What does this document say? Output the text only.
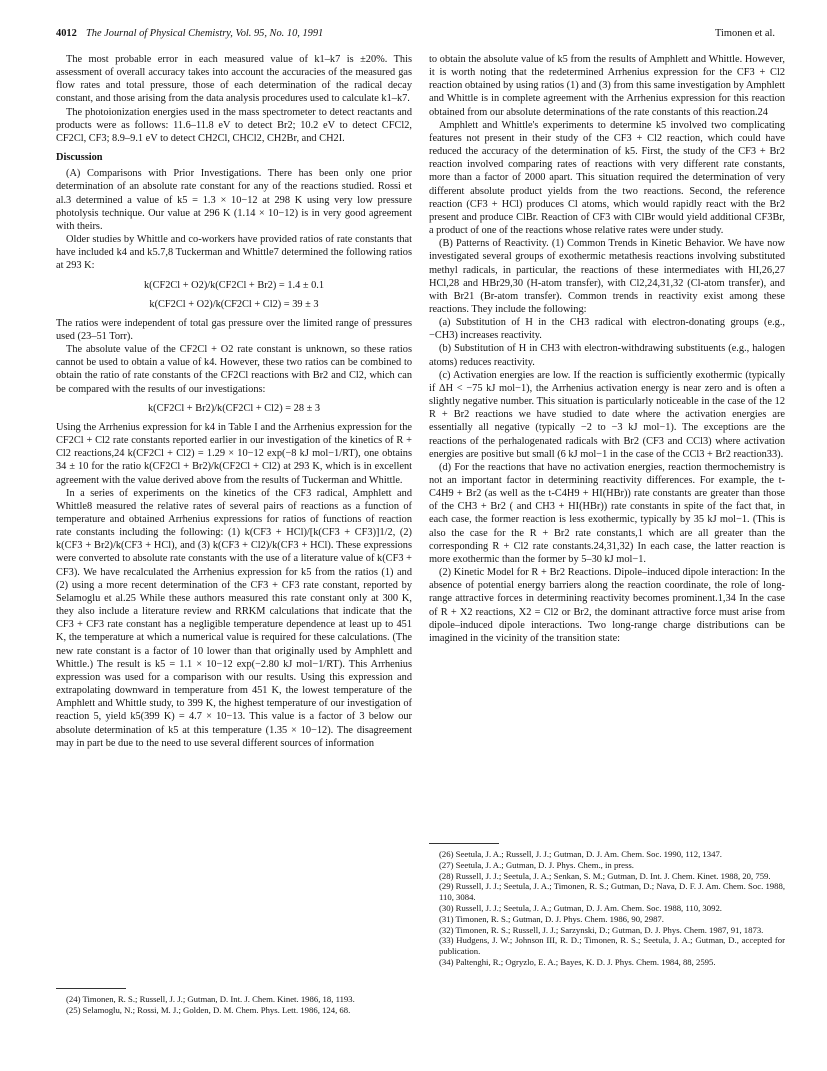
4012 The Journal of Physical Chemistry, Vol. 95, No. 10, 1991	Timonen et al.

The most probable error in each measured value of k1–k7 is ±20%. This assessment of overall accuracy takes into account the accuracies of the measured gas flow rates and total pressure, those of each determination of the radical decay constant, and those arising from the data analysis procedures used to calculate k1–k7.

The photoionization energies used in the mass spectrometer to detect reactants and products were as follows: 11.6–11.8 eV to detect Br2; 10.2 eV to detect CFCl2, CF2Cl, CF3; 8.9–9.1 eV to detect CH2Cl, CHCl2, CH2Br, and CH2I.

Discussion

(A) Comparisons with Prior Investigations. There has been only one prior determination of an absolute rate constant for any of the reactions studied. Rossi et al.3 determined a value of k5 = 1.3 × 10−12 at 298 K using very low pressure photolysis technique. Our value at 296 K (1.14 × 10−12) is in very good agreement with theirs.

Older studies by Whittle and co-workers have provided ratios of rate constants that have included k4 and k5.7,8 Tuckerman and Whittle7 determined the following ratios at 293 K:

k(CF2Cl + O2)/k(CF2Cl + Br2) = 1.4 ± 0.1

k(CF2Cl + O2)/k(CF2Cl + Cl2) = 39 ± 3

The ratios were independent of total gas pressure over the limited range of pressures used (23–51 Torr).

The absolute value of the CF2Cl + O2 rate constant is unknown, so these ratios cannot be used to obtain a value of k4. However, these two ratios can be combined to obtain the ratio of rate constants of the CF2Cl reactions with Br2 and Cl2, which can be compared with the results of our investigations:

k(CF2Cl + Br2)/k(CF2Cl + Cl2) = 28 ± 3

Using the Arrhenius expression for k4 in Table I and the Arrhenius expression for the CF2Cl + Cl2 rate constants reported earlier in our investigation of the kinetics of R + Cl2 reactions,24 k(CF2Cl + Cl2) = 1.29 × 10−12 exp(−8 kJ mol−1/RT), one obtains 34 ± 10 for the ratio k(CF2Cl + Br2)/k(CF2Cl + Cl2) at 293 K, which is in excellent agreement with the value derived above from the results of Tuckerman and Whittle.

In a series of experiments on the kinetics of the CF3 radical, Amphlett and Whittle8 measured the relative rates of several pairs of reactions as a function of temperature and obtained Arrhenius expressions for ratios of functions of reaction rate constants including the following: (1) k(CF3 + HCl)/[k(CF3 + CF3)]1/2, (2) k(CF3 + Br2)/k(CF3 + HCl), and (3) k(CF3 + Cl2)/k(CF3 + HCl). These expressions were converted to absolute rate constants with the use of a literature value of k(CF3 + CF3). We have recalculated the Arrhenius expression for k5 from the ratios (1) and (2) using a more recent determination of the CF3 + CF3 rate constant, reported by Selamoglu et al.25 While these authors measured this rate constant only at 300 K, they also include a literature review and RRKM calculations that indicate that the CF3 + CF3 rate constant has a negligible temperature dependence at least up to 451 K, the temperature at which a numerical value is required for these calculations. (The new rate constant is a factor of 10 lower than that originally used by Amphlett and Whittle.) The result is k5 = 1.1 × 10−12 exp(−2.80 kJ mol−1/RT). This Arrhenius expression was used for a comparison with our results. Using this expression and extrapolating downward in temperature from 451 K, the lowest temperature of the Amphlett and Whittle study, to 399 K, the highest temperature of our investigation of reaction 5, yield k5(399 K) = 4.7 × 10−13. This value is a factor of 3 below our absolute determination of k5 at this temperature (1.35 × 10−12). The disagreement may in part be due to the need to use several different sources of information

(24) Timonen, R. S.; Russell, J. J.; Gutman, D. Int. J. Chem. Kinet. 1986, 18, 1193.

(25) Selamoglu, N.; Rossi, M. J.; Golden, D. M. Chem. Phys. Lett. 1986, 124, 68.

to obtain the absolute value of k5 from the results of Amphlett and Whittle. However, it is worth noting that the redetermined Arrhenius expression for the CF3 + Cl2 reaction obtained by using ratios (1) and (3) from this same investigation by Amphlett and Whittle is in complete agreement with the Arrhenius expression for this reaction obtained from our absolute determinations of the rate constants of this reaction.24

Amphlett and Whittle's experiments to determine k5 involved two complicating features not present in their study of the CF3 + Cl2 reaction, which could have reduced the accuracy of the determination of k5. First, the study of the CF3 + Br2 reaction involved comparing rates of reactions with very different rate constants, more than a factor of 2000 apart. This situation required the determination of very different absolute product yields from the two reactions. Second, the reference reaction (CF3 + HCl) produces Cl atoms, which would rapidly react with the Br2 present and produce ClBr. Reaction of CF3 with ClBr would yield additional CF3Br, a product of one of the reactions whose relative rates were under study.

(B) Patterns of Reactivity. (1) Common Trends in Kinetic Behavior. We have now investigated several groups of exothermic metathesis reactions involving substituted methyl radicals, in particular, the reactions of these intermediates with HI,26,27 HCl,28 and HBr29,30 (H-atom transfer), with Cl2,24,31,32 (Cl-atom transfer), and with Br21 (Br-atom transfer). Common trends in reactivity exist among these reactions. They include the following:

(a) Substitution of H in the CH3 radical with electron-donating groups (e.g., −CH3) increases reactivity.

(b) Substitution of H in CH3 with electron-withdrawing substituents (e.g., halogen atoms) reduces reactivity.

(c) Activation energies are low. If the reaction is sufficiently exothermic (typically if ΔH < −75 kJ mol−1), the Arrhenius activation energy is near zero and is often a slightly negative number. This situation is particularly noticeable in the case of the 12 R + Br2 reactions we have studied to date where the activation energies are essentially all negative (typically −2 to −3 kJ mol−1). The exceptions are the reactions of the perhalogenated radicals with Br2 (CF3 and CCl3) where activation energies are positive but small (6 kJ mol−1 in the case of the CCl3 + Br2 reaction33).

(d) For the reactions that have no activation energies, reaction thermochemistry is not an important factor in determining reactivity differences. For example, the t-C4H9 + Br2 (as well as the t-C4H9 + HI(HBr)) rate constants are greater than those of the CH3 + Br2 ( and CH3 + HI(HBr)) rate constants in spite of the fact that, in each case, the former reaction is less exothermic, typically by 35 kJ mol−1. (This is also the case for the R + Br2 rate constants,1 which are all greater than the corresponding R + Cl2 rate constants.24,31,32) In each case, the latter reaction is more exothermic than the former by 5–30 kJ mol−1.

(2) Kinetic Model for R + Br2 Reactions. Dipole–induced dipole interaction: In the absence of potential energy barriers along the reaction coordinate, the role of long-range attractive forces in determining reactivity becomes prominent.1,34 In the case of R + X2 reactions, X2 = Cl2 or Br2, the dominant attractive force must arise from dipole–induced dipole interactions. Two long-range charge distributions can be imagined in the vicinity of the transition state:

(26) Seetula, J. A.; Russell, J. J.; Gutman, D. J. Am. Chem. Soc. 1990, 112, 1347.

(27) Seetula, J. A.; Gutman, D. J. Phys. Chem., in press.

(28) Russell, J. J.; Seetula, J. A.; Senkan, S. M.; Gutman, D. Int. J. Chem. Kinet. 1988, 20, 759.

(29) Russell, J. J.; Seetula, J. A.; Timonen, R. S.; Gutman, D.; Nava, D. F. J. Am. Chem. Soc. 1988, 110, 3084.

(30) Russell, J. J.; Seetula, J. A.; Gutman, D. J. Am. Chem. Soc. 1988, 110, 3092.

(31) Timonen, R. S.; Gutman, D. J. Phys. Chem. 1986, 90, 2987.

(32) Timonen, R. S.; Russell, J. J.; Sarzynski, D.; Gutman, D. J. Phys. Chem. 1987, 91, 1873.

(33) Hudgens, J. W.; Johnson III, R. D.; Timonen, R. S.; Seetula, J. A.; Gutman, D., accepted for publication.

(34) Paltenghi, R.; Ogryzlo, E. A.; Bayes, K. D. J. Phys. Chem. 1984, 88, 2595.
